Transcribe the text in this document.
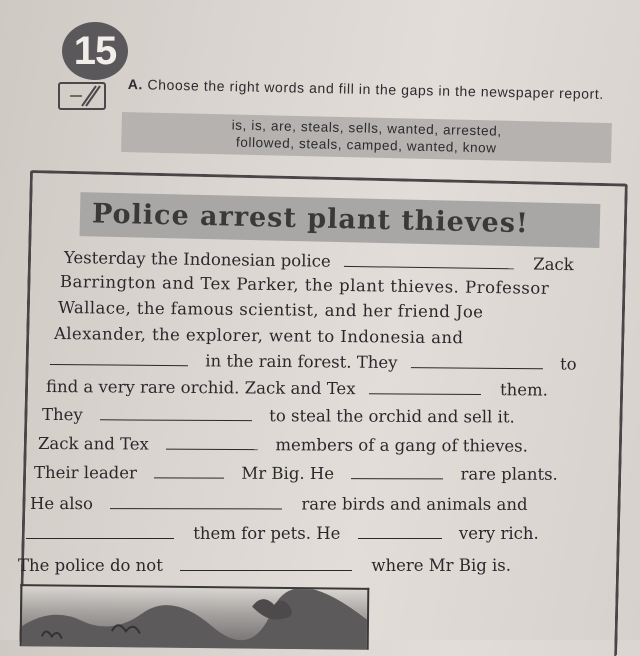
15
A. Choose the right words and fill in the gaps in the newspaper report.
is, is, are, steals, sells, wanted, arrested,
followed, steals, camped, wanted, know
Police arrest plant thieves!
Yesterday the Indonesian police	Zack
Barrington and Tex Parker, the plant thieves. Professor
Wallace, the famous scientist, and her friend Joe
Alexander, the explorer, went to Indonesia and
in the rain forest. They	to
find a very rare orchid. Zack and Tex	them.
They	to steal the orchid and sell it.
Zack and Tex	members of a gang of thieves.
Their leader	Mr Big. He	rare plants.
He also	rare birds and animals and
them for pets. He	very rich.
The police do not	where Mr Big is.
